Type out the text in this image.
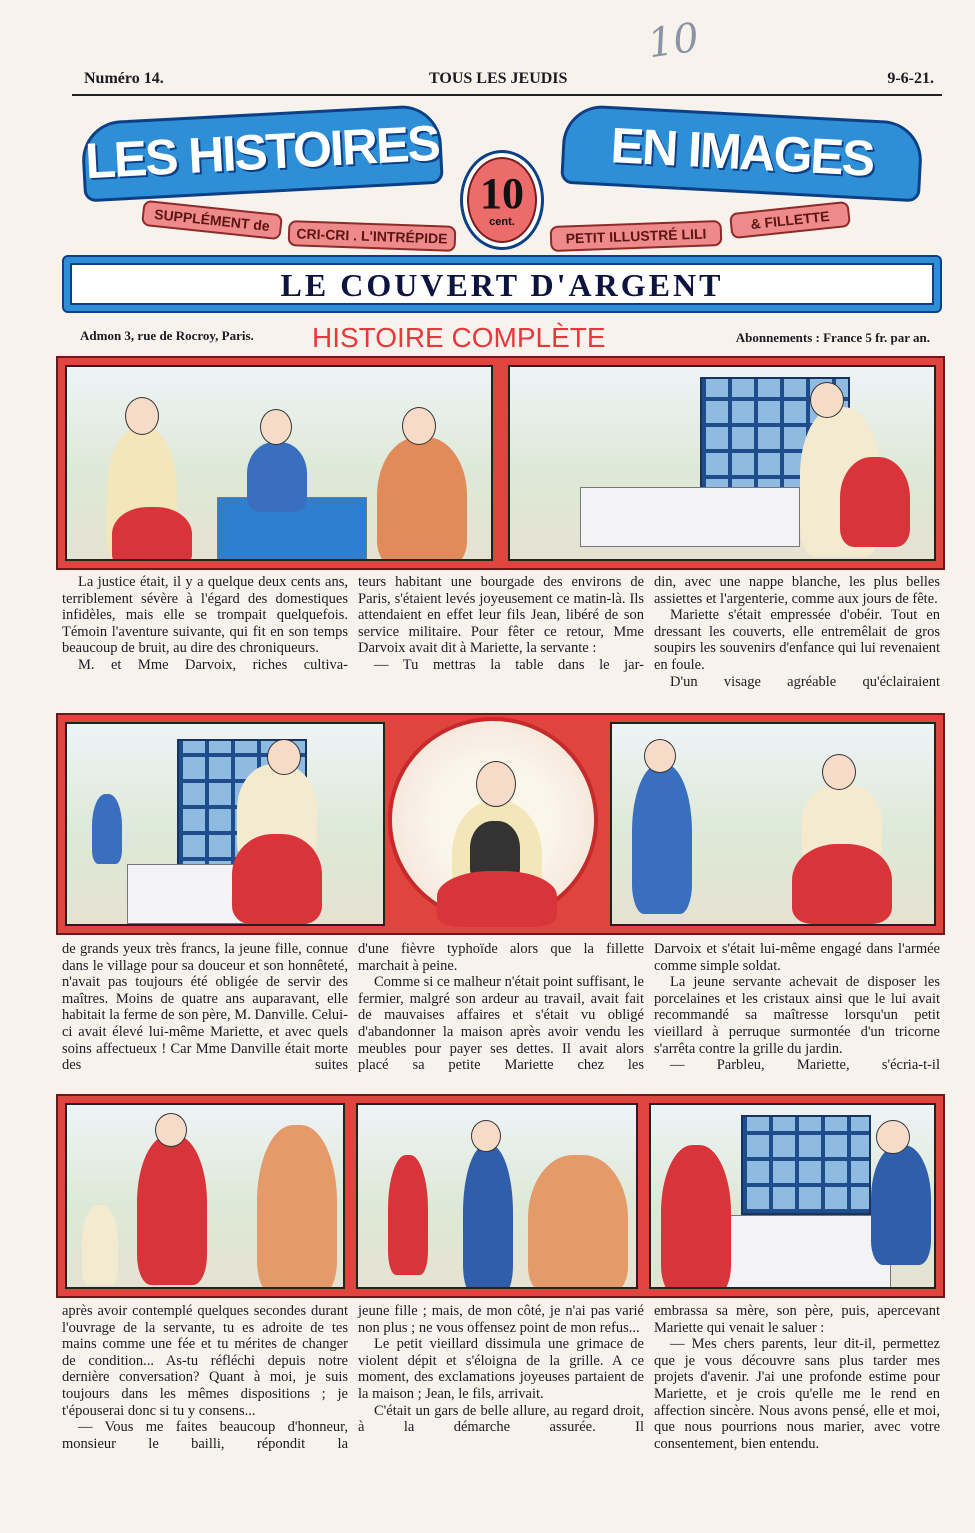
10
Numéro 14.	TOUS LES JEUDIS	9-6-21.
LES HISTOIRES	EN IMAGES
SUPPLÉMENT de
CRI-CRI . L'INTRÉPIDE	PETIT ILLUSTRÉ LILI
& FILLETTE
10
cent.
LE COUVERT D'ARGENT
Admon 3, rue de Rocroy, Paris. HISTOIRE COMPLÈTE	Abonnements : France 5 fr. par an.

La justice était, il y a quelque deux cents ans, terriblement sévère à l'égard des domestiques infidèles, mais elle se trompait quelquefois. Témoin l'aventure suivante, qui fit en son temps beaucoup de bruit, au dire des chroniqueurs.

M. et Mme Darvoix, riches cultiva-

teurs habitant une bourgade des environs de Paris, s'étaient levés joyeusement ce matin-là. Ils attendaient en effet leur fils Jean, libéré de son service militaire. Pour fêter ce retour, Mme Darvoix avait dit à Mariette, la servante :

— Tu mettras la table dans le jar-

din, avec une nappe blanche, les plus belles assiettes et l'argenterie, comme aux jours de fête.

Mariette s'était empressée d'obéir. Tout en dressant les couverts, elle entremêlait de gros soupirs les souvenirs d'enfance qui lui revenaient en foule.

D'un visage agréable qu'éclairaient

de grands yeux très francs, la jeune fille, connue dans le village pour sa douceur et son honnêteté, n'avait pas toujours été obligée de servir des maîtres. Moins de quatre ans auparavant, elle habitait la ferme de son père, M. Danville. Celui-ci avait élevé lui-même Mariette, et avec quels soins affectueux ! Car Mme Danville était morte des suites

d'une fièvre typhoïde alors que la fillette marchait à peine.

Comme si ce malheur n'était point suffisant, le fermier, malgré son ardeur au travail, avait fait de mauvaises affaires et s'était vu obligé d'abandonner la maison après avoir vendu les meubles pour payer ses dettes. Il avait alors placé sa petite Mariette chez les

Darvoix et s'était lui-même engagé dans l'armée comme simple soldat.

La jeune servante achevait de disposer les porcelaines et les cristaux ainsi que le lui avait recommandé sa maîtresse lorsqu'un petit vieillard à perruque surmontée d'un tricorne s'arrêta contre la grille du jardin.

— Parbleu, Mariette, s'écria-t-il

après avoir contemplé quelques secondes durant l'ouvrage de la servante, tu es adroite de tes mains comme une fée et tu mérites de changer de condition... As-tu réfléchi depuis notre dernière conversation? Quant à moi, je suis toujours dans les mêmes dispositions ; je t'épouserai donc si tu y consens...

— Vous me faites beaucoup d'honneur, monsieur le bailli, répondit la

jeune fille ; mais, de mon côté, je n'ai pas varié non plus ; ne vous offensez point de mon refus...

Le petit vieillard dissimula une grimace de violent dépit et s'éloigna de la grille. A ce moment, des exclamations joyeuses partaient de la maison ; Jean, le fils, arrivait.

C'était un gars de belle allure, au regard droit, à la démarche assurée. Il

embrassa sa mère, son père, puis, apercevant Mariette qui venait le saluer :

— Mes chers parents, leur dit-il, permettez que je vous découvre sans plus tarder mes projets d'avenir. J'ai une profonde estime pour Mariette, et je crois qu'elle me le rend en affection sincère. Nous avons pensé, elle et moi, que nous pourrions nous marier, avec votre consentement, bien entendu.
